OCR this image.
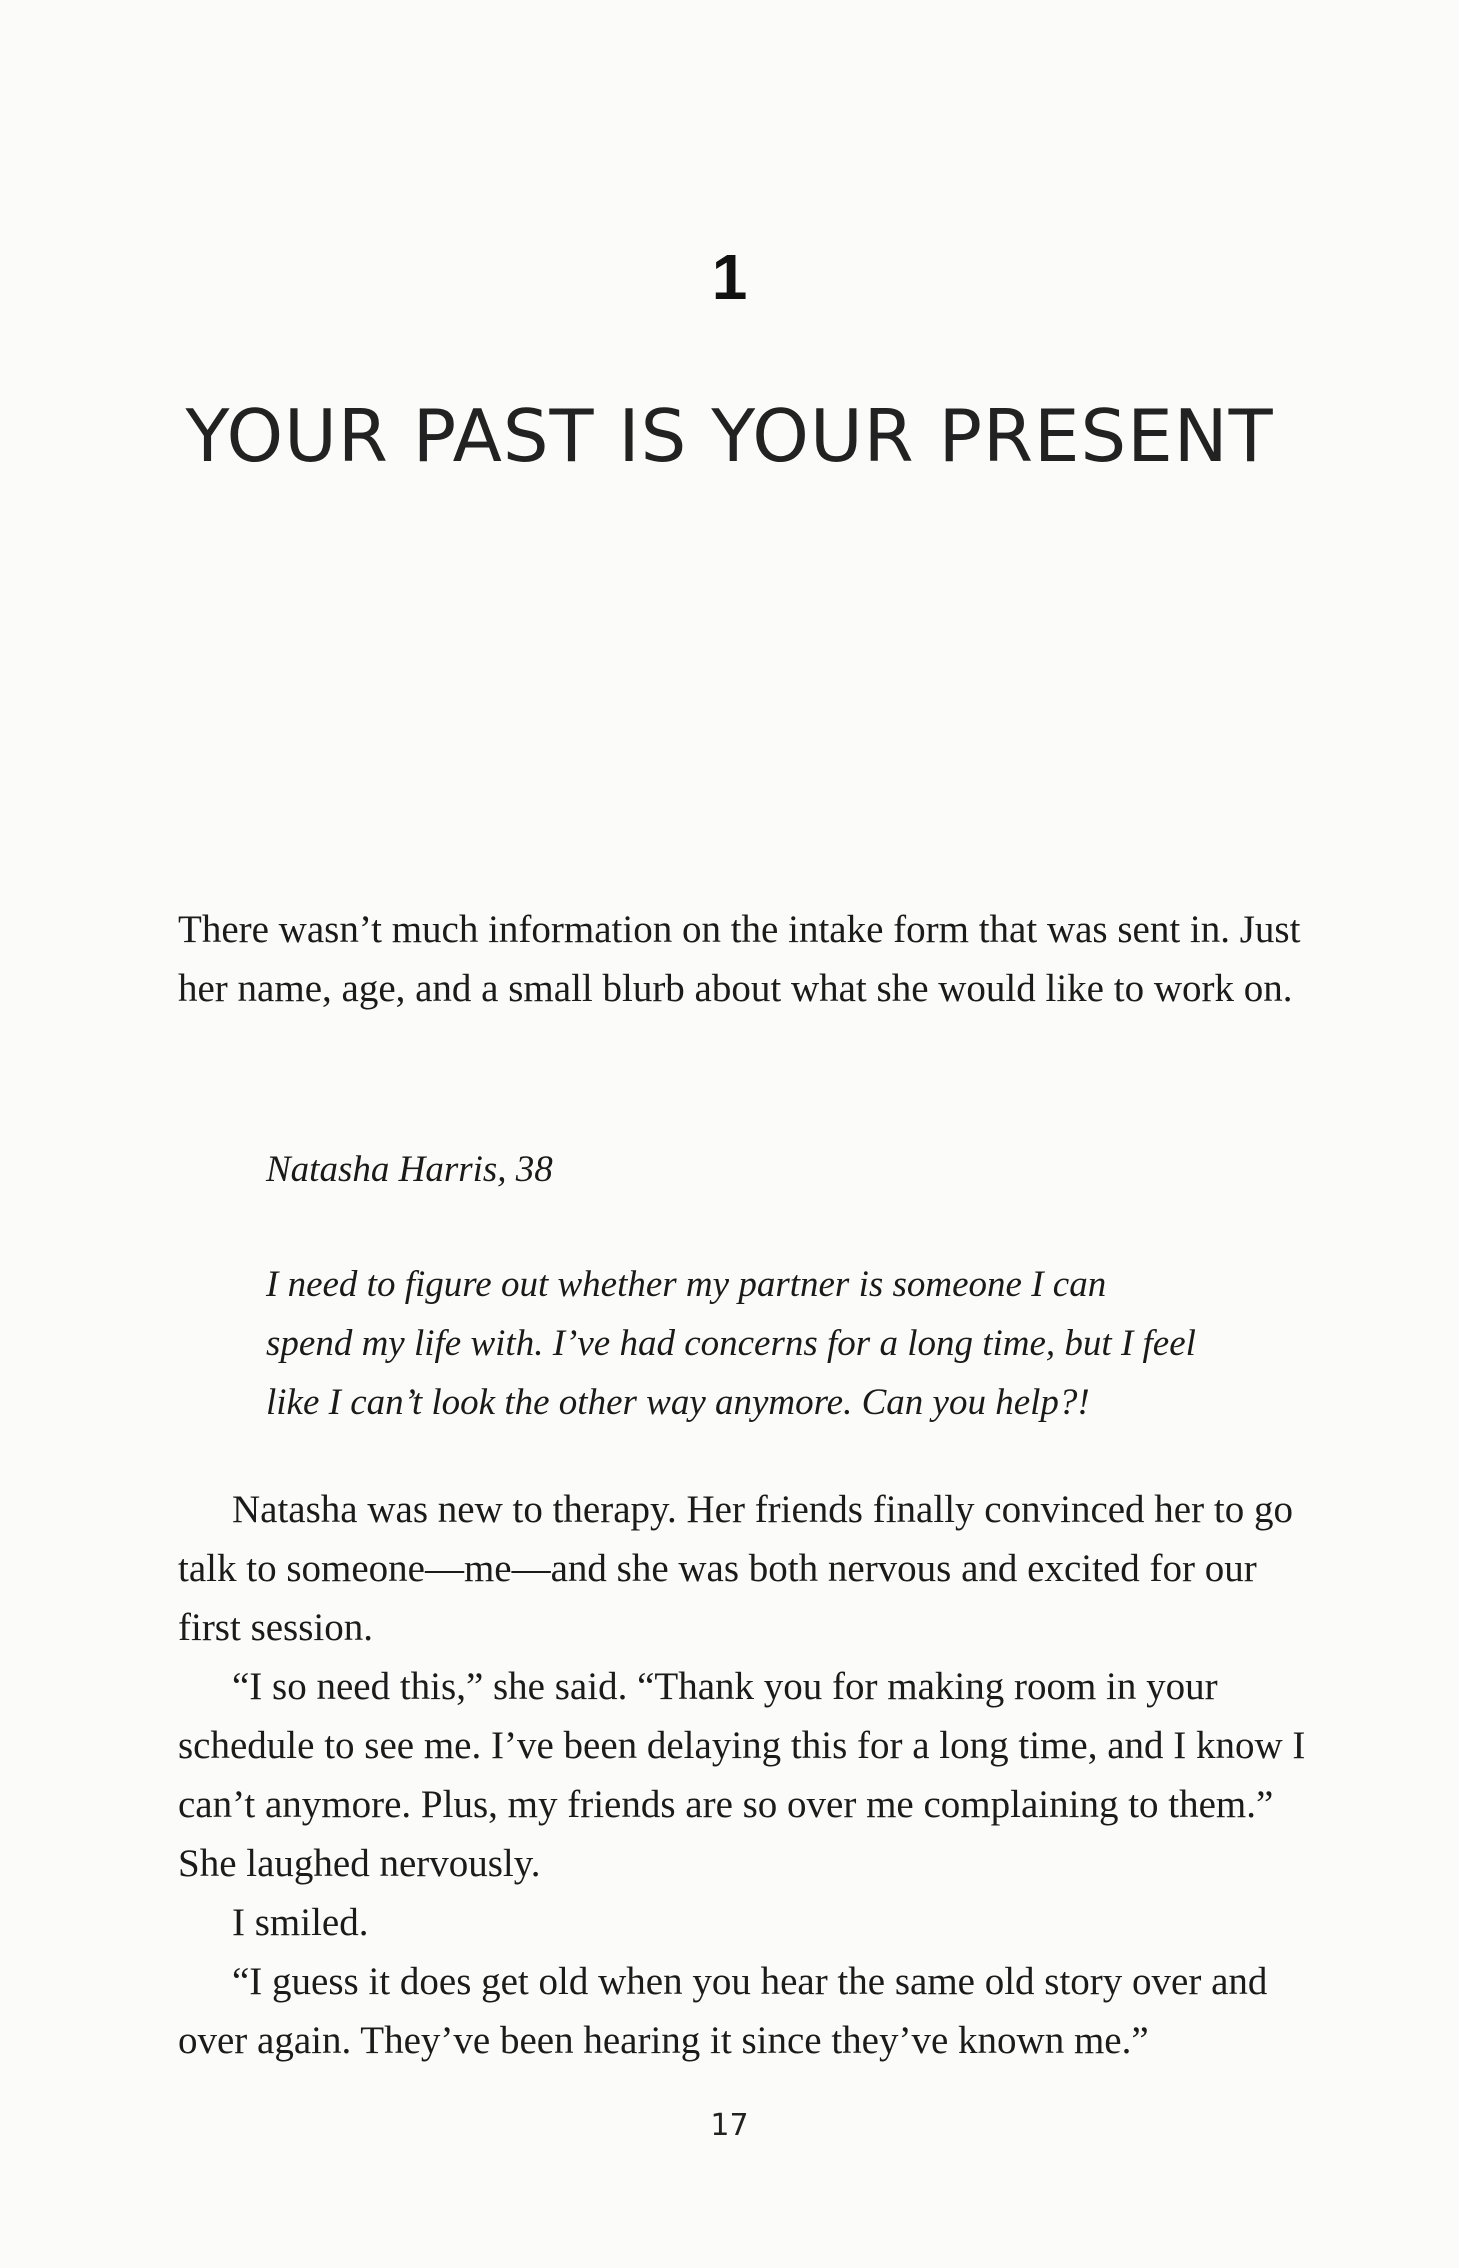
1
YOUR PAST IS YOUR PRESENT

There wasn’t much information on the intake form that was sent in. Just her name, age, and a small blurb about what she would like to work on.

Natasha Harris, 38

I need to figure out whether my partner is someone I can spend my life with. I’ve had concerns for a long time, but I feel like I can’t look the other way anymore. Can you help?!

Natasha was new to therapy. Her friends finally convinced her to go talk to someone—me—and she was both nervous and excited for our first session.

“I so need this,” she said. “Thank you for making room in your schedule to see me. I’ve been delaying this for a long time, and I know I can’t anymore. Plus, my friends are so over me complaining to them.” She laughed nervously.

I smiled.

“I guess it does get old when you hear the same old story over and over again. They’ve been hearing it since they’ve known me.”

17
